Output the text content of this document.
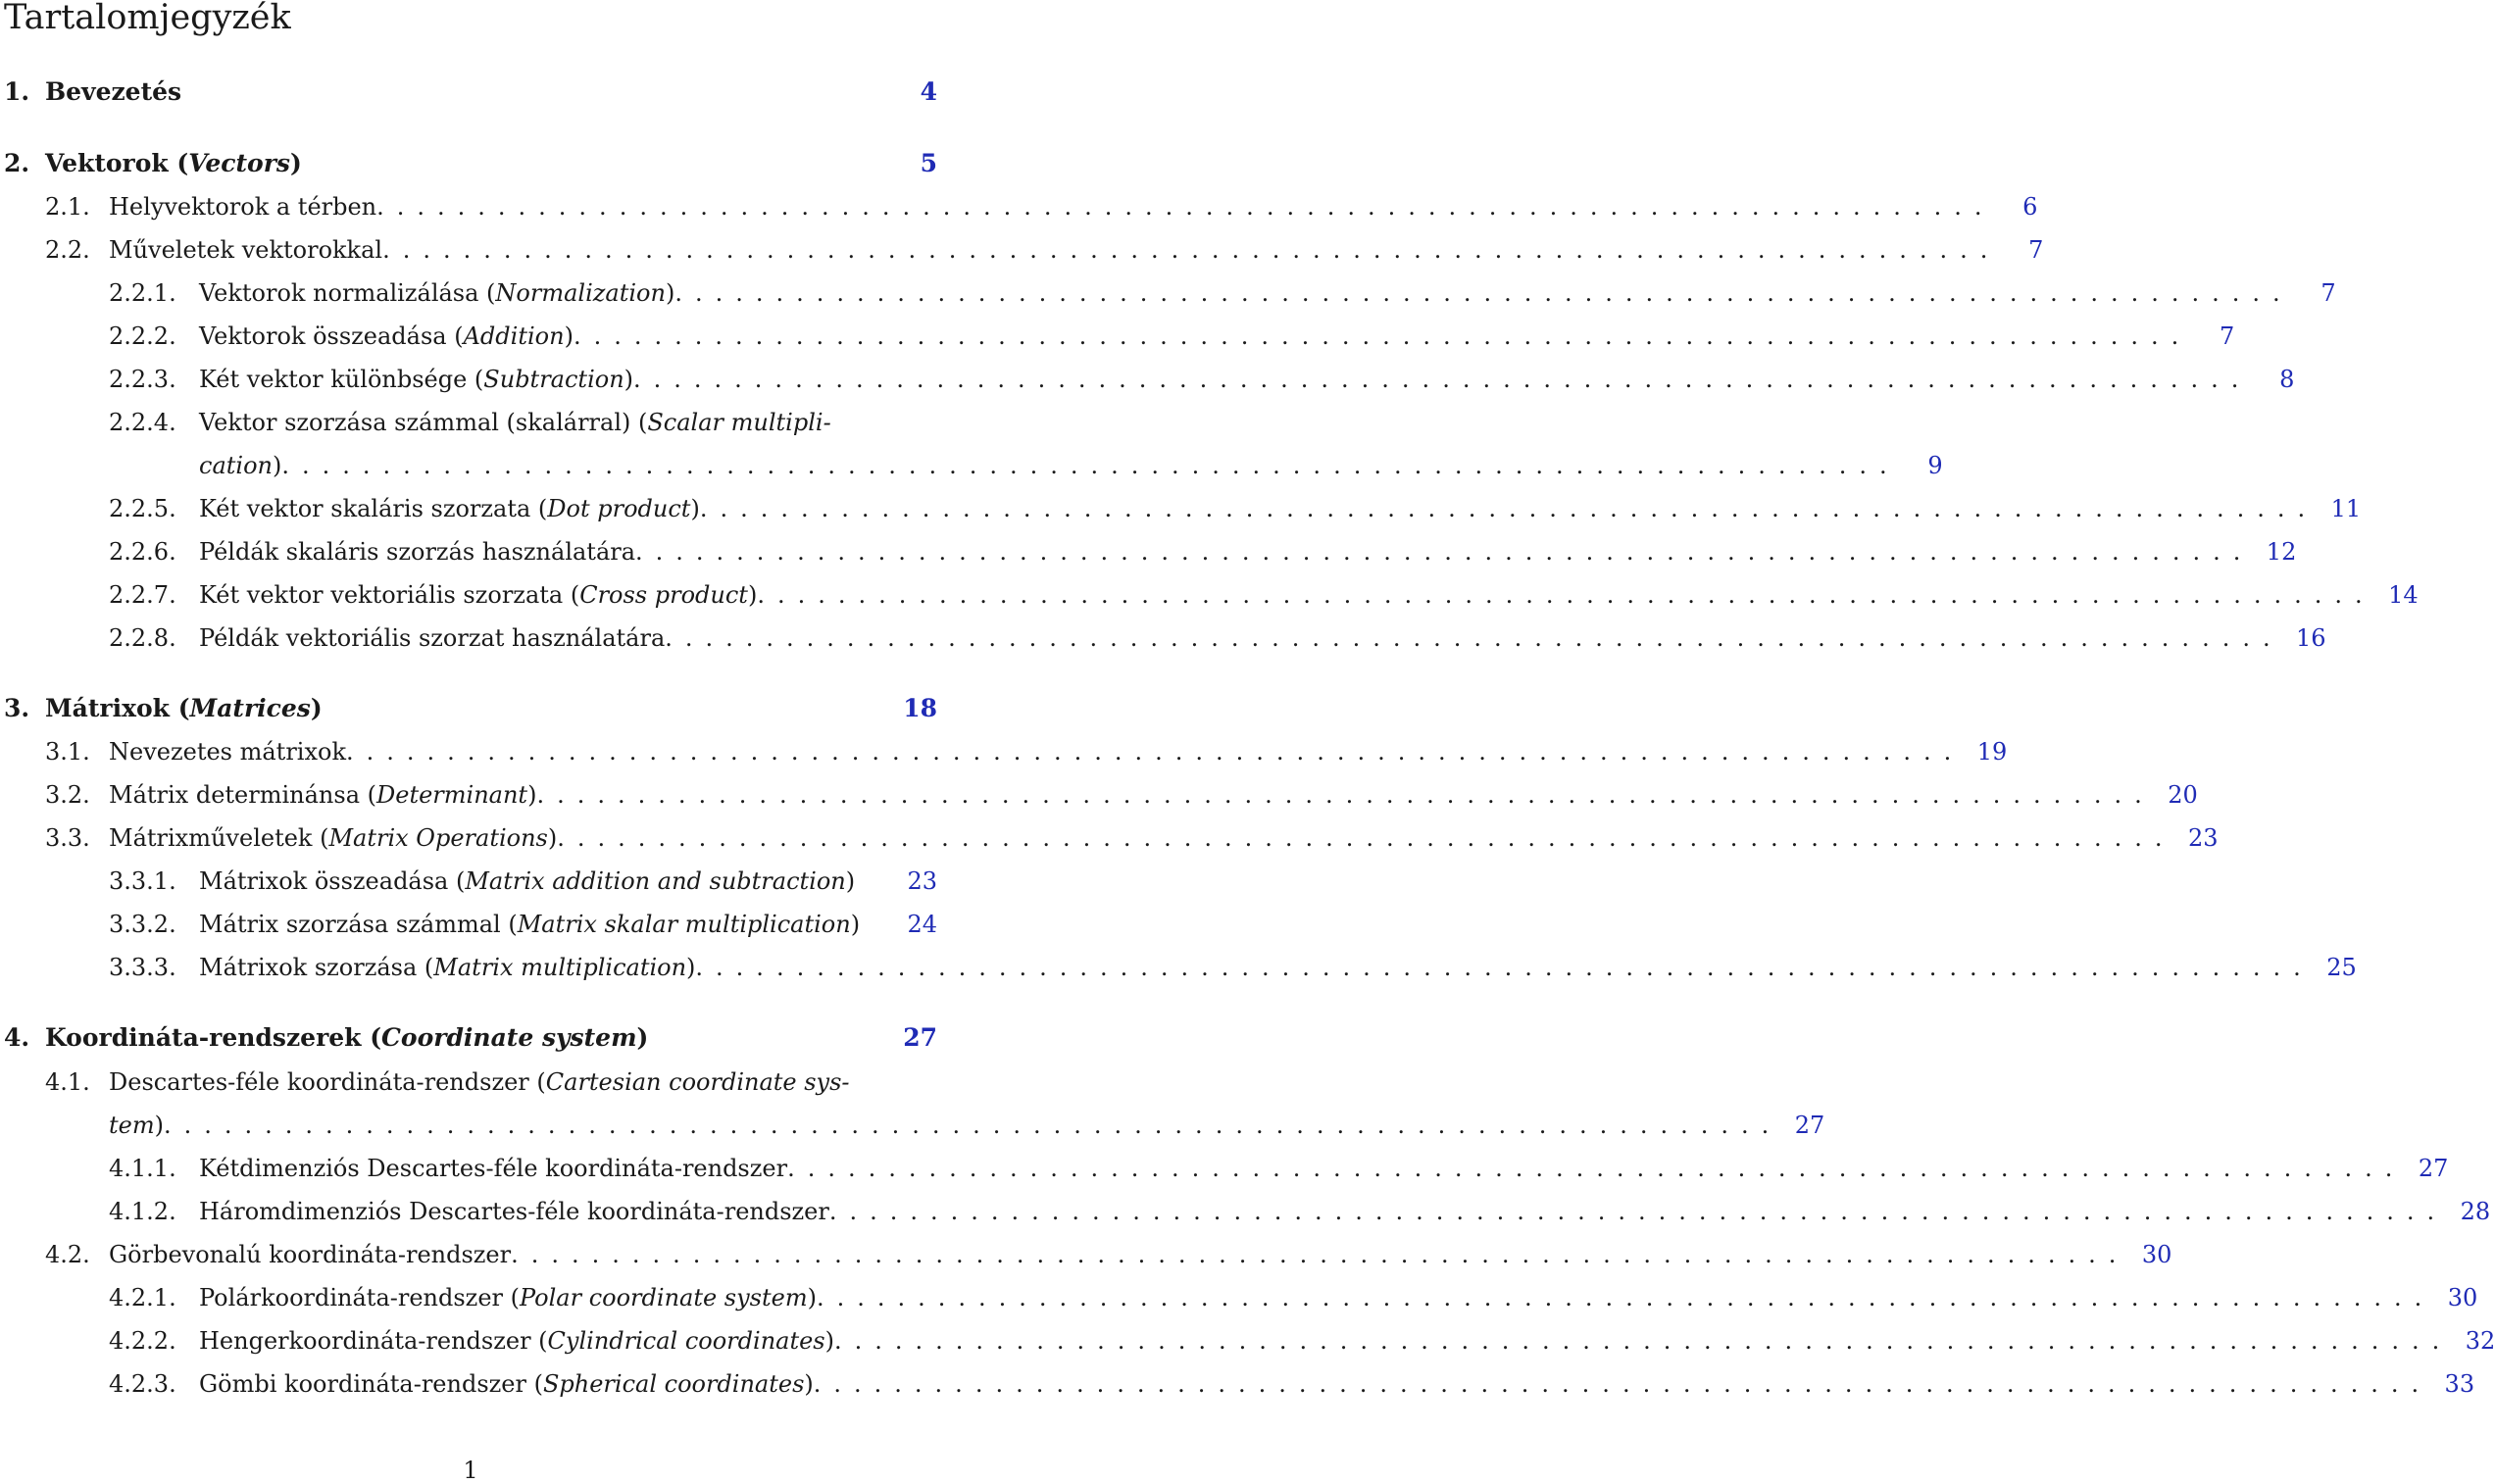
Tartalomjegyzék
1. Bevezetés	4
2. Vektorok (Vectors)	5
2.1. Helyvektorok a térben ................................................................................	6
2.2. Műveletek vektorokkal ................................................................................	7
2.2.1. Vektorok normalizálása (Normalization) ................................................................................	7
2.2.2. Vektorok összeadása (Addition) ................................................................................	7
2.2.3. Két vektor különbsége (Subtraction) ................................................................................	8
2.2.4. Vektor szorzása számmal (skalárral) (Scalar multipli-
cation) ................................................................................	9
2.2.5. Két vektor skaláris szorzata (Dot product) ................................................................................ 11
2.2.6. Példák skaláris szorzás használatára ................................................................................ 12
2.2.7. Két vektor vektoriális szorzata (Cross product) ................................................................................ 14
2.2.8. Példák vektoriális szorzat használatára ................................................................................ 16
3. Mátrixok (Matrices)	18
3.1. Nevezetes mátrixok ................................................................................ 19
3.2. Mátrix determinánsa (Determinant) ................................................................................ 20
3.3. Mátrixműveletek (Matrix Operations) ................................................................................ 23
3.3.1. Mátrixok összeadása (Matrix addition and subtraction) 23
3.3.2. Mátrix szorzása számmal (Matrix skalar multiplication) 24
3.3.3. Mátrixok szorzása (Matrix multiplication) ................................................................................ 25
4. Koordináta-rendszerek (Coordinate system)	27
4.1. Descartes-féle koordináta-rendszer (Cartesian coordinate sys-
tem) ................................................................................ 27
4.1.1. Kétdimenziós Descartes-féle koordináta-rendszer ................................................................................ 27
4.1.2. Háromdimenziós Descartes-féle koordináta-rendszer ................................................................................ 28
4.2. Görbevonalú koordináta-rendszer ................................................................................ 30
4.2.1. Polárkoordináta-rendszer (Polar coordinate system) ................................................................................ 30
4.2.2. Hengerkoordináta-rendszer (Cylindrical coordinates) ................................................................................ 32
4.2.3. Gömbi koordináta-rendszer (Spherical coordinates) ................................................................................ 33
1
